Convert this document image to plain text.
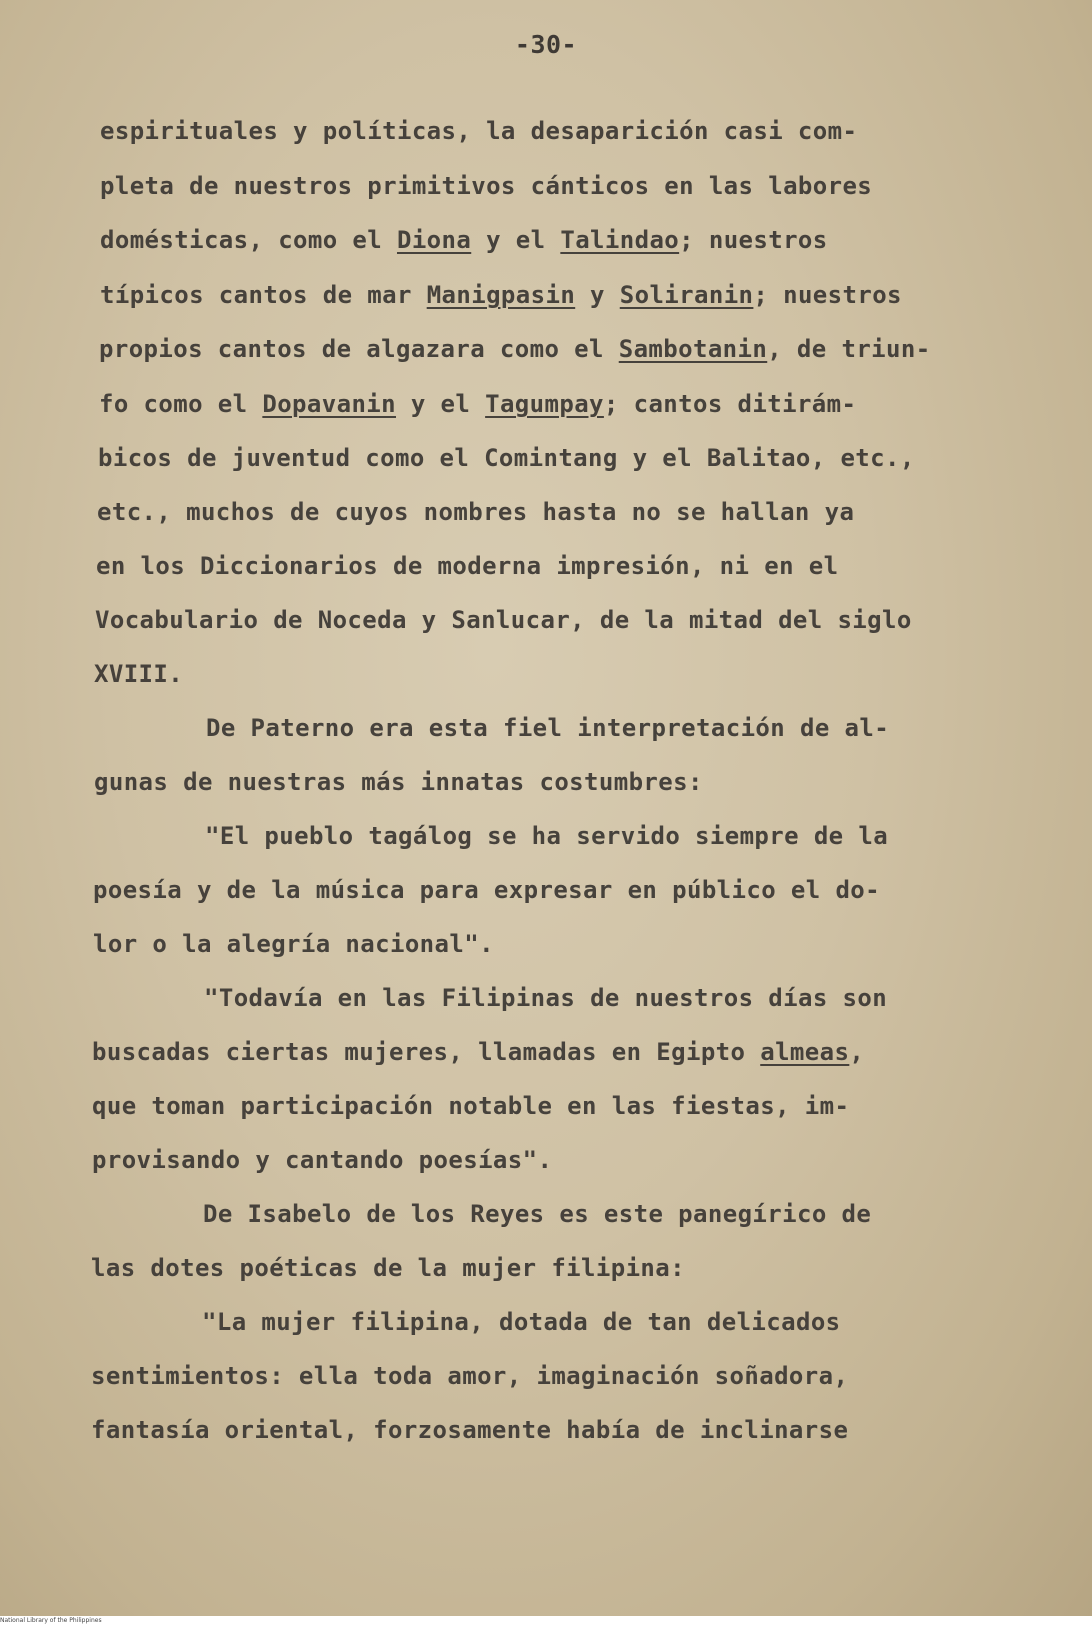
-30-
espirituales y políticas, la desaparición casi com-
pleta de nuestros primitivos cánticos en las labores
domésticas, como el Diona y el Talindao; nuestros
típicos cantos de mar Manigpasin y Soliranin; nuestros
propios cantos de algazara como el Sambotanin, de triun-
fo como el Dopavanin y el Tagumpay; cantos ditirám-
bicos de juventud como el Comintang y el Balitao, etc.,
etc., muchos de cuyos nombres hasta no se hallan ya
en los Diccionarios de moderna impresión, ni en el
Vocabulario de Noceda y Sanlucar, de la mitad del siglo
XVIII.
De Paterno era esta fiel interpretación de al-
gunas de nuestras más innatas costumbres:
"El pueblo tagálog se ha servido siempre de la
poesía y de la música para expresar en público el do-
lor o la alegría nacional".
"Todavía en las Filipinas de nuestros días son
buscadas ciertas mujeres, llamadas en Egipto almeas,
que toman participación notable en las fiestas, im-
provisando y cantando poesías".
De Isabelo de los Reyes es este panegírico de
las dotes poéticas de la mujer filipina:
"La mujer filipina, dotada de tan delicados
sentimientos: ella toda amor, imaginación soñadora,
fantasía oriental, forzosamente había de inclinarse
National Library of the Philippines
